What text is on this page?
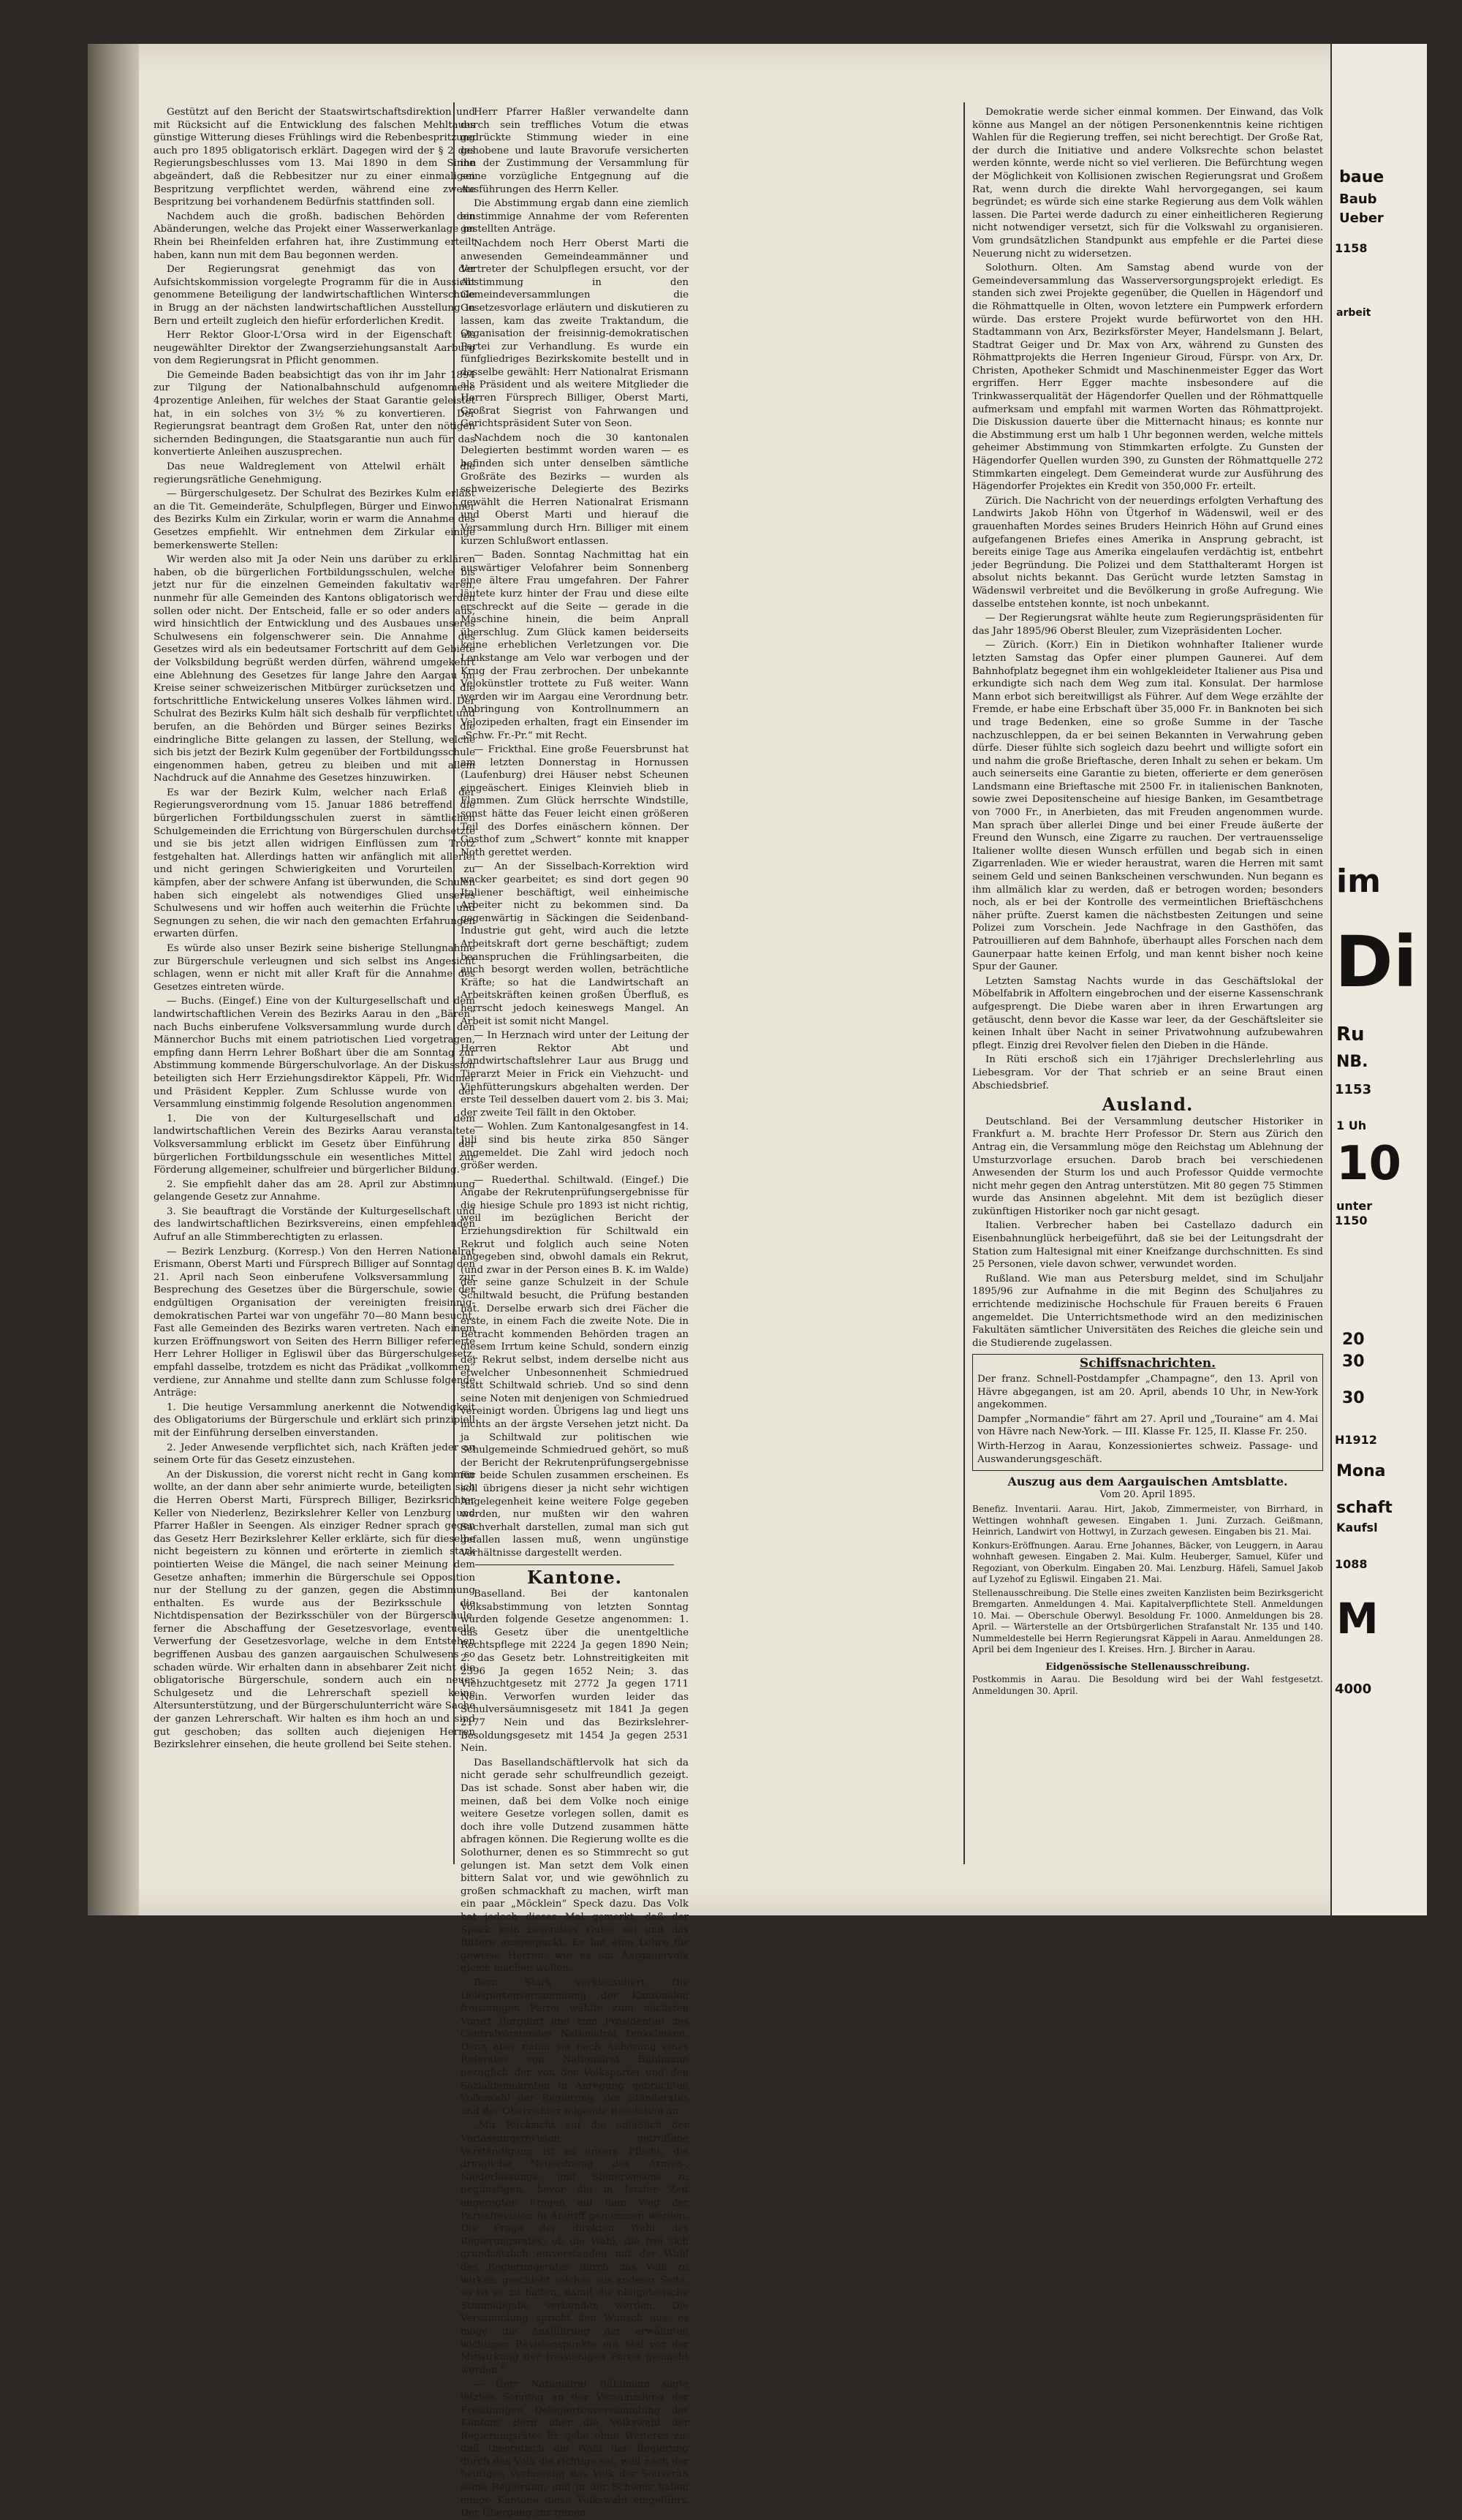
Gestützt auf den Bericht der Staatswirtschaftsdirektion und mit Rücksicht auf die Entwicklung des falschen Mehltaues günstige Witterung dieses Frühlings wird die Rebenbespritzung auch pro 1895 obligatorisch erklärt. Dagegen wird der § 2 des Regierungsbeschlusses vom 13. Mai 1890 in dem Sinne abgeändert, daß die Rebbesitzer nur zu einer einmaligen Bespritzung verpflichtet werden, während eine zweite Bespritzung bei vorhandenem Bedürfnis stattfinden soll.

Nachdem auch die großh. badischen Behörden den Abänderungen, welche das Projekt einer Wasserwerkanlage im Rhein bei Rheinfelden erfahren hat, ihre Zustimmung erteilt haben, kann nun mit dem Bau begonnen werden.

Der Regierungsrat genehmigt das von der Aufsichtskommission vorgelegte Programm für die in Aussicht genommene Beteiligung der landwirtschaftlichen Winterschule in Brugg an der nächsten landwirtschaftlichen Ausstellung in Bern und erteilt zugleich den hiefür erforderlichen Kredit.

Herr Rektor Gloor-L'Orsa wird in der Eigenschaft als neugewählter Direktor der Zwangserziehungsanstalt Aarburg von dem Regierungsrat in Pflicht genommen.

Die Gemeinde Baden beabsichtigt das von ihr im Jahr 1894 zur Tilgung der Nationalbahnschuld aufgenommene 4prozentige Anleihen, für welches der Staat Garantie geleistet hat, in ein solches von 3½ % zu konvertieren. Der Regierungsrat beantragt dem Großen Rat, unter den nötigen sichernden Bedingungen, die Staatsgarantie nun auch für das konvertierte Anleihen auszusprechen.

Das neue Waldreglement von Attelwil erhält die regierungsrätliche Genehmigung.

— Bürgerschulgesetz. Der Schulrat des Bezirkes Kulm erläßt an die Tit. Gemeinderäte, Schulpflegen, Bürger und Einwohner des Bezirks Kulm ein Zirkular, worin er warm die Annahme des Gesetzes empfiehlt. Wir entnehmen dem Zirkular einige bemerkenswerte Stellen:

Wir werden also mit Ja oder Nein uns darüber zu erklären haben, ob die bürgerlichen Fortbildungsschulen, welche bis jetzt nur für die einzelnen Gemeinden fakultativ waren, nunmehr für alle Gemeinden des Kantons obligatorisch werden sollen oder nicht. Der Entscheid, falle er so oder anders aus, wird hinsichtlich der Entwicklung und des Ausbaues unseres Schulwesens ein folgenschwerer sein. Die Annahme des Gesetzes wird als ein bedeutsamer Fortschritt auf dem Gebiete der Volksbildung begrüßt werden dürfen, während umgekehrt eine Ablehnung des Gesetzes für lange Jahre den Aargau im Kreise seiner schweizerischen Mitbürger zurücksetzen und die fortschrittliche Entwickelung unseres Volkes lähmen wird. Der Schulrat des Bezirks Kulm hält sich deshalb für verpflichtet und berufen, an die Behörden und Bürger seines Bezirks die eindringliche Bitte gelangen zu lassen, der Stellung, welche sich bis jetzt der Bezirk Kulm gegenüber der Fortbildungsschule eingenommen haben, getreu zu bleiben und mit allem Nachdruck auf die Annahme des Gesetzes hinzuwirken.

Es war der Bezirk Kulm, welcher nach Erlaß der Regierungsverordnung vom 15. Januar 1886 betreffend die bürgerlichen Fortbildungsschulen zuerst in sämtlichen Schulgemeinden die Errichtung von Bürgerschulen durchsetzte und sie bis jetzt allen widrigen Einflüssen zum Trotz festgehalten hat. Allerdings hatten wir anfänglich mit allerlei und nicht geringen Schwierigkeiten und Vorurteilen zu kämpfen, aber der schwere Anfang ist überwunden, die Schulen haben sich eingelebt als notwendiges Glied unseres Schulwesens und wir hoffen auch weiterhin die Früchte und Segnungen zu sehen, die wir nach den gemachten Erfahrungen erwarten dürfen.

Es würde also unser Bezirk seine bisherige Stellungnahme zur Bürgerschule verleugnen und sich selbst ins Angesicht schlagen, wenn er nicht mit aller Kraft für die Annahme des Gesetzes eintreten würde.

— Buchs. (Eingef.) Eine von der Kulturgesellschaft und dem landwirtschaftlichen Verein des Bezirks Aarau in den „Bären“ nach Buchs einberufene Volksversammlung wurde durch den Männerchor Buchs mit einem patriotischen Lied vorgetragen, empfing dann Herrn Lehrer Boßhart über die am Sonntag zur Abstimmung kommende Bürgerschulvorlage. An der Diskussion beteiligten sich Herr Erziehungsdirektor Käppeli, Pfr. Widmer und Präsident Keppler. Zum Schlusse wurde von der Versammlung einstimmig folgende Resolution angenommen:

1. Die von der Kulturgesellschaft und dem landwirtschaftlichen Verein des Bezirks Aarau veranstaltete Volksversammlung erblickt im Gesetz über Einführung der bürgerlichen Fortbildungsschule ein wesentliches Mittel zur Förderung allgemeiner, schulfreier und bürgerlicher Bildung.

2. Sie empfiehlt daher das am 28. April zur Abstimmung gelangende Gesetz zur Annahme.

3. Sie beauftragt die Vorstände der Kulturgesellschaft und des landwirtschaftlichen Bezirksvereins, einen empfehlenden Aufruf an alle Stimmberechtigten zu erlassen.

— Bezirk Lenzburg. (Korresp.) Von den Herren Nationalrat Erismann, Oberst Marti und Fürsprech Billiger auf Sonntag den 21. April nach Seon einberufene Volksversammlung zur Besprechung des Gesetzes über die Bürgerschule, sowie der endgültigen Organisation der vereinigten freisinnig-demokratischen Partei war von ungefähr 70—80 Mann besucht. Fast alle Gemeinden des Bezirks waren vertreten. Nach einem kurzen Eröffnungswort von Seiten des Herrn Billiger referierte Herr Lehrer Holliger in Egliswil über das Bürgerschulgesetz, empfahl dasselbe, trotzdem es nicht das Prädikat „vollkommen“ verdiene, zur Annahme und stellte dann zum Schlusse folgende Anträge:

1. Die heutige Versammlung anerkennt die Notwendigkeit des Obligatoriums der Bürgerschule und erklärt sich prinzipiell mit der Einführung derselben einverstanden.

2. Jeder Anwesende verpflichtet sich, nach Kräften jeder an seinem Orte für das Gesetz einzustehen.

An der Diskussion, die vorerst nicht recht in Gang kommen wollte, an der dann aber sehr animierte wurde, beteiligten sich die Herren Oberst Marti, Fürsprech Billiger, Bezirksrichter Keller von Niederlenz, Bezirkslehrer Keller von Lenzburg und Pfarrer Haßler in Seengen. Als einziger Redner sprach gegen das Gesetz Herr Bezirkslehrer Keller erklärte, sich für dieselbe nicht begeistern zu können und erörterte in ziemlich stark pointierten Weise die Mängel, die nach seiner Meinung dem Gesetze anhaften; immerhin die Bürgerschule sei Opposition nur der Stellung zu der ganzen, gegen die Abstimmung enthalten. Es wurde aus der Bezirksschule die Nichtdispensation der Bezirksschüler von der Bürgerschule, ferner die Abschaffung der Gesetzesvorlage, eventuelle Verwerfung der Gesetzesvorlage, welche in dem Entstehen begriffenen Ausbau des ganzen aargauischen Schulwesens so schaden würde. Wir erhalten dann in absehbarer Zeit nicht die obligatorische Bürgerschule, sondern auch ein neues Schulgesetz und die Lehrerschaft speziell keine Altersunterstützung, und der Bürgerschulunterricht wäre Sache der ganzen Lehrerschaft. Wir halten es ihm hoch an und sind gut geschoben; das sollten auch diejenigen Herren Bezirkslehrer einsehen, die heute grollend bei Seite stehen.

Herr Pfarrer Haßler verwandelte dann durch sein treffliches Votum die etwas gedrückte Stimmung wieder in eine gehobene und laute Bravorufe versicherten ihn der Zustimmung der Versammlung für seine vorzügliche Entgegnung auf die Ausführungen des Herrn Keller.

Die Abstimmung ergab dann eine ziemlich einstimmige Annahme der vom Referenten gestellten Anträge.

Nachdem noch Herr Oberst Marti die anwesenden Gemeindeammänner und Vertreter der Schulpflegen ersucht, vor der Abstimmung in den Gemeindeversammlungen die Gesetzesvorlage erläutern und diskutieren zu lassen, kam das zweite Traktandum, die Organisation der freisinnig-demokratischen Partei zur Verhandlung. Es wurde ein fünfgliedriges Bezirkskomite bestellt und in dasselbe gewählt: Herr Nationalrat Erismann als Präsident und als weitere Mitglieder die Herren Fürsprech Billiger, Oberst Marti, Großrat Siegrist von Fahrwangen und Gerichtspräsident Suter von Seon.

Nachdem noch die 30 kantonalen Delegierten bestimmt worden waren — es befinden sich unter denselben sämtliche Großräte des Bezirks — wurden als schweizerische Delegierte des Bezirks gewählt die Herren Nationalrat Erismann und Oberst Marti und hierauf die Versammlung durch Hrn. Billiger mit einem kurzen Schlußwort entlassen.

— Baden. Sonntag Nachmittag hat ein auswärtiger Velofahrer beim Sonnenberg eine ältere Frau umgefahren. Der Fahrer läutete kurz hinter der Frau und diese eilte erschreckt auf die Seite — gerade in die Maschine hinein, die beim Anprall überschlug. Zum Glück kamen beiderseits keine erheblichen Verletzungen vor. Die Lenkstange am Velo war verbogen und der Krug der Frau zerbrochen. Der unbekannte Velokünstler trottete zu Fuß weiter. Wann werden wir im Aargau eine Verordnung betr. Anbringung von Kontrollnummern an Velozipeden erhalten, fragt ein Einsender im „Schw. Fr.-Pr.“ mit Recht.

— Frickthal. Eine große Feuersbrunst hat am letzten Donnerstag in Hornussen (Laufenburg) drei Häuser nebst Scheunen eingeäschert. Einiges Kleinvieh blieb in Flammen. Zum Glück herrschte Windstille, sonst hätte das Feuer leicht einen größeren Teil des Dorfes einäschern können. Der Gasthof zum „Schwert“ konnte mit knapper Noth gerettet werden.

— An der Sisselbach-Korrektion wird wacker gearbeitet; es sind dort gegen 90 Italiener beschäftigt, weil einheimische Arbeiter nicht zu bekommen sind. Da gegenwärtig in Säckingen die Seidenband-Industrie gut geht, wird auch die letzte Arbeitskraft dort gerne beschäftigt; zudem beanspruchen die Frühlingsarbeiten, die auch besorgt werden wollen, beträchtliche Kräfte; so hat die Landwirtschaft an Arbeitskräften keinen großen Überfluß, es herrscht jedoch keineswegs Mangel. An Arbeit ist somit nicht Mangel.

— In Herznach wird unter der Leitung der Herren Rektor Abt und Landwirtschaftslehrer Laur aus Brugg und Tierarzt Meier in Frick ein Viehzucht- und Viehfütterungskurs abgehalten werden. Der erste Teil desselben dauert vom 2. bis 3. Mai; der zweite Teil fällt in den Oktober.

— Wohlen. Zum Kantonalgesangfest in 14. Juli sind bis heute zirka 850 Sänger angemeldet. Die Zahl wird jedoch noch größer werden.

— Ruederthal. Schiltwald. (Eingef.) Die Angabe der Rekrutenprüfungsergebnisse für die hiesige Schule pro 1893 ist nicht richtig, weil im bezüglichen Bericht der Erziehungsdirektion für Schiltwald ein Rekrut und folglich auch seine Noten angegeben sind, obwohl damals ein Rekrut, (und zwar in der Person eines B. K. im Walde) der seine ganze Schulzeit in der Schule Schiltwald besucht, die Prüfung bestanden hat. Derselbe erwarb sich drei Fächer die erste, in einem Fach die zweite Note. Die in Betracht kommenden Behörden tragen an diesem Irrtum keine Schuld, sondern einzig der Rekrut selbst, indem derselbe nicht aus etwelcher Unbesonnenheit Schmiedrued statt Schiltwald schrieb. Und so sind denn seine Noten mit denjenigen von Schmiedrued vereinigt worden. Übrigens lag und liegt uns nichts an der ärgste Versehen jetzt nicht. Da ja Schiltwald zur politischen wie Schulgemeinde Schmiedrued gehört, so muß der Bericht der Rekrutenprüfungsergebnisse für beide Schulen zusammen erscheinen. Es soll übrigens dieser ja nicht sehr wichtigen Angelegenheit keine weitere Folge gegeben werden, nur mußten wir den wahren Sachverhalt darstellen, zumal man sich gut gefallen lassen muß, wenn ungünstige Verhältnisse dargestellt werden.

Kantone.

Baselland. Bei der kantonalen Volksabstimmung von letzten Sonntag wurden folgende Gesetze angenommen: 1. das Gesetz über die unentgeltliche Rechtspflege mit 2224 Ja gegen 1890 Nein; 2. das Gesetz betr. Lohnstreitigkeiten mit 2396 Ja gegen 1652 Nein; 3. das Viehzuchtgesetz mit 2772 Ja gegen 1711 Nein. Verworfen wurden leider das Schulversäumnisgesetz mit 1841 Ja gegen 2177 Nein und das Bezirkslehrer-Besoldungsgesetz mit 1454 Ja gegen 2531 Nein.

Das Basellandschäftlervolk hat sich da nicht gerade sehr schulfreundlich gezeigt. Das ist schade. Sonst aber haben wir, die meinen, daß bei dem Volke noch einige weitere Gesetze vorlegen sollen, damit es doch ihre volle Dutzend zusammen hätte abfragen können. Die Regierung wollte es die Solothurner, denen es so Stimmrecht so gut gelungen ist. Man setzt dem Volk einen bittern Salat vor, und wie gewöhnlich zu großen schmackhaft zu machen, wirft man ein paar „Möcklein“ Speck dazu. Das Volk hat jedoch dieses Mal gemerkt, daß der Speck kein besonders Gutes sei und das Bittere ausgespuckt. Es hat eine Lehre für gewisse Herren, wie es am Aargauervolk gleich machen wollen.

Bern. Stark verklausuliert. Die Delegiertenversammlung der Kantonalen freisinnigen Partei wählte zum nächsten Vorort Burgdorf und zum Präsidenten des Centralvorstandes Nationalrat Dinkelmann. Dann aber nahm sie nach Anhörung eines Referates von Nationalrat Bühlmann bezüglich der von der Volkspartei und den Sozialdemokraten in Anregung gebrachten Volkswahl der Regierung, des Ständerates und der Oberrichter folgende Resolution an:

„Mit Rücksicht auf die anläßlich der Verfassungsrevision getroffene Verständigung ist es unsere Pflicht, die dringliche Neuordnung des Armen-, Niederlassungs- und Steuerwesens zu begünstigen, bevor die in letzter Zeit angeregten Fragen auf dem Weg der Partialrevision in Angriff genommen werden. Die Frage der direkten Wahl des Regierungsrates, ob die Wahl, die frei sich grundsätzlich einverstanden mit der Wahl des Regierungsrates durch das Volk zu wirken, geschieht solches aus anderer Seite, so ist es zu halten, damit die obligatorische Stimmabgabe verbunden werden. Die Versammlung spricht den Wunsch aus, es möge die Ausführung der erwähnten wichtigen Revisionspunkte ein Mal vor der Mitwirkung der freisinnigen Partei gemacht werden.“

— Herr Nationalrat Bühlmann sagte letzten Sonntag an der Versammlung der Freisinnigen Delegiertenversammlung des Kantons Bern über die Volkswahl der Regierungsräte: Er gebe ohne Weiteres zu, daß theoretisch die Wahl der Regierung durch das Volk die richtige sei, weil nach der heutigen Verfassung das Volk der Souverän seine Regierung, und in der Schweiz haben einige Kantone diese Volkswahl eingeführt. Der Übergang zur reinen

Demokratie werde sicher einmal kommen. Der Einwand, das Volk könne aus Mangel an der nötigen Personenkenntnis keine richtigen Wahlen für die Regierung treffen, sei nicht berechtigt. Der Große Rat, der durch die Initiative und andere Volksrechte schon belastet werden könnte, werde nicht so viel verlieren. Die Befürchtung wegen der Möglichkeit von Kollisionen zwischen Regierungsrat und Großem Rat, wenn durch die direkte Wahl hervorgegangen, sei kaum begründet; es würde sich eine starke Regierung aus dem Volk wählen lassen. Die Partei werde dadurch zu einer einheitlicheren Regierung nicht notwendiger versetzt, sich für die Volkswahl zu organisieren. Vom grundsätzlichen Standpunkt aus empfehle er die Partei diese Neuerung nicht zu widersetzen.

Solothurn. Olten. Am Samstag abend wurde von der Gemeindeversammlung das Wasserversorgungsprojekt erledigt. Es standen sich zwei Projekte gegenüber, die Quellen in Hägendorf und die Röhmattquelle in Olten, wovon letztere ein Pumpwerk erfordern würde. Das erstere Projekt wurde befürwortet von den HH. Stadtammann von Arx, Bezirksförster Meyer, Handelsmann J. Belart, Stadtrat Geiger und Dr. Max von Arx, während zu Gunsten des Röhmattprojekts die Herren Ingenieur Giroud, Fürspr. von Arx, Dr. Christen, Apotheker Schmidt und Maschinenmeister Egger das Wort ergriffen. Herr Egger machte insbesondere auf die Trinkwasserqualität der Hägendorfer Quellen und der Röhmattquelle aufmerksam und empfahl mit warmen Worten das Röhmattprojekt. Die Diskussion dauerte über die Mitternacht hinaus; es konnte nur die Abstimmung erst um halb 1 Uhr begonnen werden, welche mittels geheimer Abstimmung von Stimmkarten erfolgte. Zu Gunsten der Hägendorfer Quellen wurden 390, zu Gunsten der Röhmattquelle 272 Stimmkarten eingelegt. Dem Gemeinderat wurde zur Ausführung des Hägendorfer Projektes ein Kredit von 350,000 Fr. erteilt.

Zürich. Die Nachricht von der neuerdings erfolgten Verhaftung des Landwirts Jakob Höhn von Ütgerhof in Wädenswil, weil er des grauenhaften Mordes seines Bruders Heinrich Höhn auf Grund eines aufgefangenen Briefes eines Amerika in Ansprung gebracht, ist bereits einige Tage aus Amerika eingelaufen verdächtig ist, entbehrt jeder Begründung. Die Polizei und dem Statthalteramt Horgen ist absolut nichts bekannt. Das Gerücht wurde letzten Samstag in Wädenswil verbreitet und die Bevölkerung in große Aufregung. Wie dasselbe entstehen konnte, ist noch unbekannt.

— Der Regierungsrat wählte heute zum Regierungspräsidenten für das Jahr 1895/96 Oberst Bleuler, zum Vizepräsidenten Locher.

— Zürich. (Korr.) Ein in Dietikon wohnhafter Italiener wurde letzten Samstag das Opfer einer plumpen Gaunerei. Auf dem Bahnhofplatz begegnet ihm ein wohlgekleideter Italiener aus Pisa und erkundigte sich nach dem Weg zum ital. Konsulat. Der harmlose Mann erbot sich bereitwilligst als Führer. Auf dem Wege erzählte der Fremde, er habe eine Erbschaft über 35,000 Fr. in Banknoten bei sich und trage Bedenken, eine so große Summe in der Tasche nachzuschleppen, da er bei seinen Bekannten in Verwahrung geben dürfe. Dieser fühlte sich sogleich dazu beehrt und willigte sofort ein und nahm die große Brieftasche, deren Inhalt zu sehen er bekam. Um auch seinerseits eine Garantie zu bieten, offerierte er dem generösen Landsmann eine Brieftasche mit 2500 Fr. in italienischen Banknoten, sowie zwei Depositenscheine auf hiesige Banken, im Gesamtbetrage von 7000 Fr., in Anerbieten, das mit Freuden angenommen wurde. Man sprach über allerlei Dinge und bei einer Freude äußerte der Freund den Wunsch, eine Zigarre zu rauchen. Der vertrauensselige Italiener wollte diesen Wunsch erfüllen und begab sich in einen Zigarrenladen. Wie er wieder heraustrat, waren die Herren mit samt seinem Geld und seinen Bankscheinen verschwunden. Nun begann es ihm allmälich klar zu werden, daß er betrogen worden; besonders noch, als er bei der Kontrolle des vermeintlichen Brieftäschchens näher prüfte. Zuerst kamen die nächstbesten Zeitungen und seine Polizei zum Vorschein. Jede Nachfrage in den Gasthöfen, das Patrouillieren auf dem Bahnhofe, überhaupt alles Forschen nach dem Gaunerpaar hatte keinen Erfolg, und man kennt bisher noch keine Spur der Gauner.

Letzten Samstag Nachts wurde in das Geschäftslokal der Möbelfabrik in Affoltern eingebrochen und der eiserne Kassenschrank aufgesprengt. Die Diebe waren aber in ihren Erwartungen arg getäuscht, denn bevor die Kasse war leer, da der Geschäftsleiter sie keinen Inhalt über Nacht in seiner Privatwohnung aufzubewahren pflegt. Einzig drei Revolver fielen den Dieben in die Hände.

In Rüti erschoß sich ein 17jähriger Drechslerlehrling aus Liebesgram. Vor der That schrieb er an seine Braut einen Abschiedsbrief.

Ausland.

Deutschland. Bei der Versammlung deutscher Historiker in Frankfurt a. M. brachte Herr Professor Dr. Stern aus Zürich den Antrag ein, die Versammlung möge den Reichstag um Ablehnung der Umsturzvorlage ersuchen. Darob brach bei verschiedenen Anwesenden der Sturm los und auch Professor Quidde vermochte nicht mehr gegen den Antrag unterstützen. Mit 80 gegen 75 Stimmen wurde das Ansinnen abgelehnt. Mit dem ist bezüglich dieser zukünftigen Historiker noch gar nicht gesagt.

Italien. Verbrecher haben bei Castellazo dadurch ein Eisenbahnunglück herbeigeführt, daß sie bei der Leitungsdraht der Station zum Haltesignal mit einer Kneifzange durchschnitten. Es sind 25 Personen, viele davon schwer, verwundet worden.

Rußland. Wie man aus Petersburg meldet, sind im Schuljahr 1895/96 zur Aufnahme in die mit Beginn des Schuljahres zu errichtende medizinische Hochschule für Frauen bereits 6 Frauen angemeldet. Die Unterrichtsmethode wird an den medizinischen Fakultäten sämtlicher Universitäten des Reiches die gleiche sein und die Studierende zugelassen.

Schiffsnachrichten.

Der franz. Schnell-Postdampfer „Champagne“, den 13. April von Hävre abgegangen, ist am 20. April, abends 10 Uhr, in New-York angekommen.

Dampfer „Normandie“ fährt am 27. April und „Touraine“ am 4. Mai von Hävre nach New-York. — III. Klasse Fr. 125, II. Klasse Fr. 250.

Wirth-Herzog in Aarau, Konzessioniertes schweiz. Passage- und Auswanderungsgeschäft.

Auszug aus dem Aargauischen Amtsblatte.
Vom 20. April 1895.

Benefiz. Inventarii. Aarau. Hirt, Jakob, Zimmermeister, von Birrhard, in Wettingen wohnhaft gewesen. Eingaben 1. Juni. Zurzach. Geißmann, Heinrich, Landwirt von Hottwyl, in Zurzach gewesen. Eingaben bis 21. Mai.

Konkurs-Eröffnungen. Aarau. Erne Johannes, Bäcker, von Leuggern, in Aarau wohnhaft gewesen. Eingaben 2. Mai. Kulm. Heuberger, Samuel, Küfer und Regoziant, von Oberkulm. Eingaben 20. Mai. Lenzburg. Häfeli, Samuel Jakob auf Lyzehof zu Egliswil. Eingaben 21. Mai.

Stellenausschreibung. Die Stelle eines zweiten Kanzlisten beim Bezirksgericht Bremgarten. Anmeldungen 4. Mai. Kapitalverpflichtete Stell. Anmeldungen 10. Mai. — Oberschule Oberwyl. Besoldung Fr. 1000. Anmeldungen bis 28. April. — Wärterstelle an der Ortsbürgerlichen Strafanstalt Nr. 135 und 140. Nummeldestelle bei Herrn Regierungsrat Käppeli in Aarau. Anmeldungen 28. April bei dem Ingenieur des I. Kreises. Hrn. J. Bircher in Aarau.

Eidgenössische Stellenausschreibung.

Postkommis in Aarau. Die Besoldung wird bei der Wahl festgesetzt. Anmeldungen 30. April.

baue
Baub
Ueber
1158
arbeit
im
Di
Ru
NB.
1153
1 Uh
10
unter
1150
20
30
30
H1912
Mona
schaft
Kaufsl
1088
M
4000
